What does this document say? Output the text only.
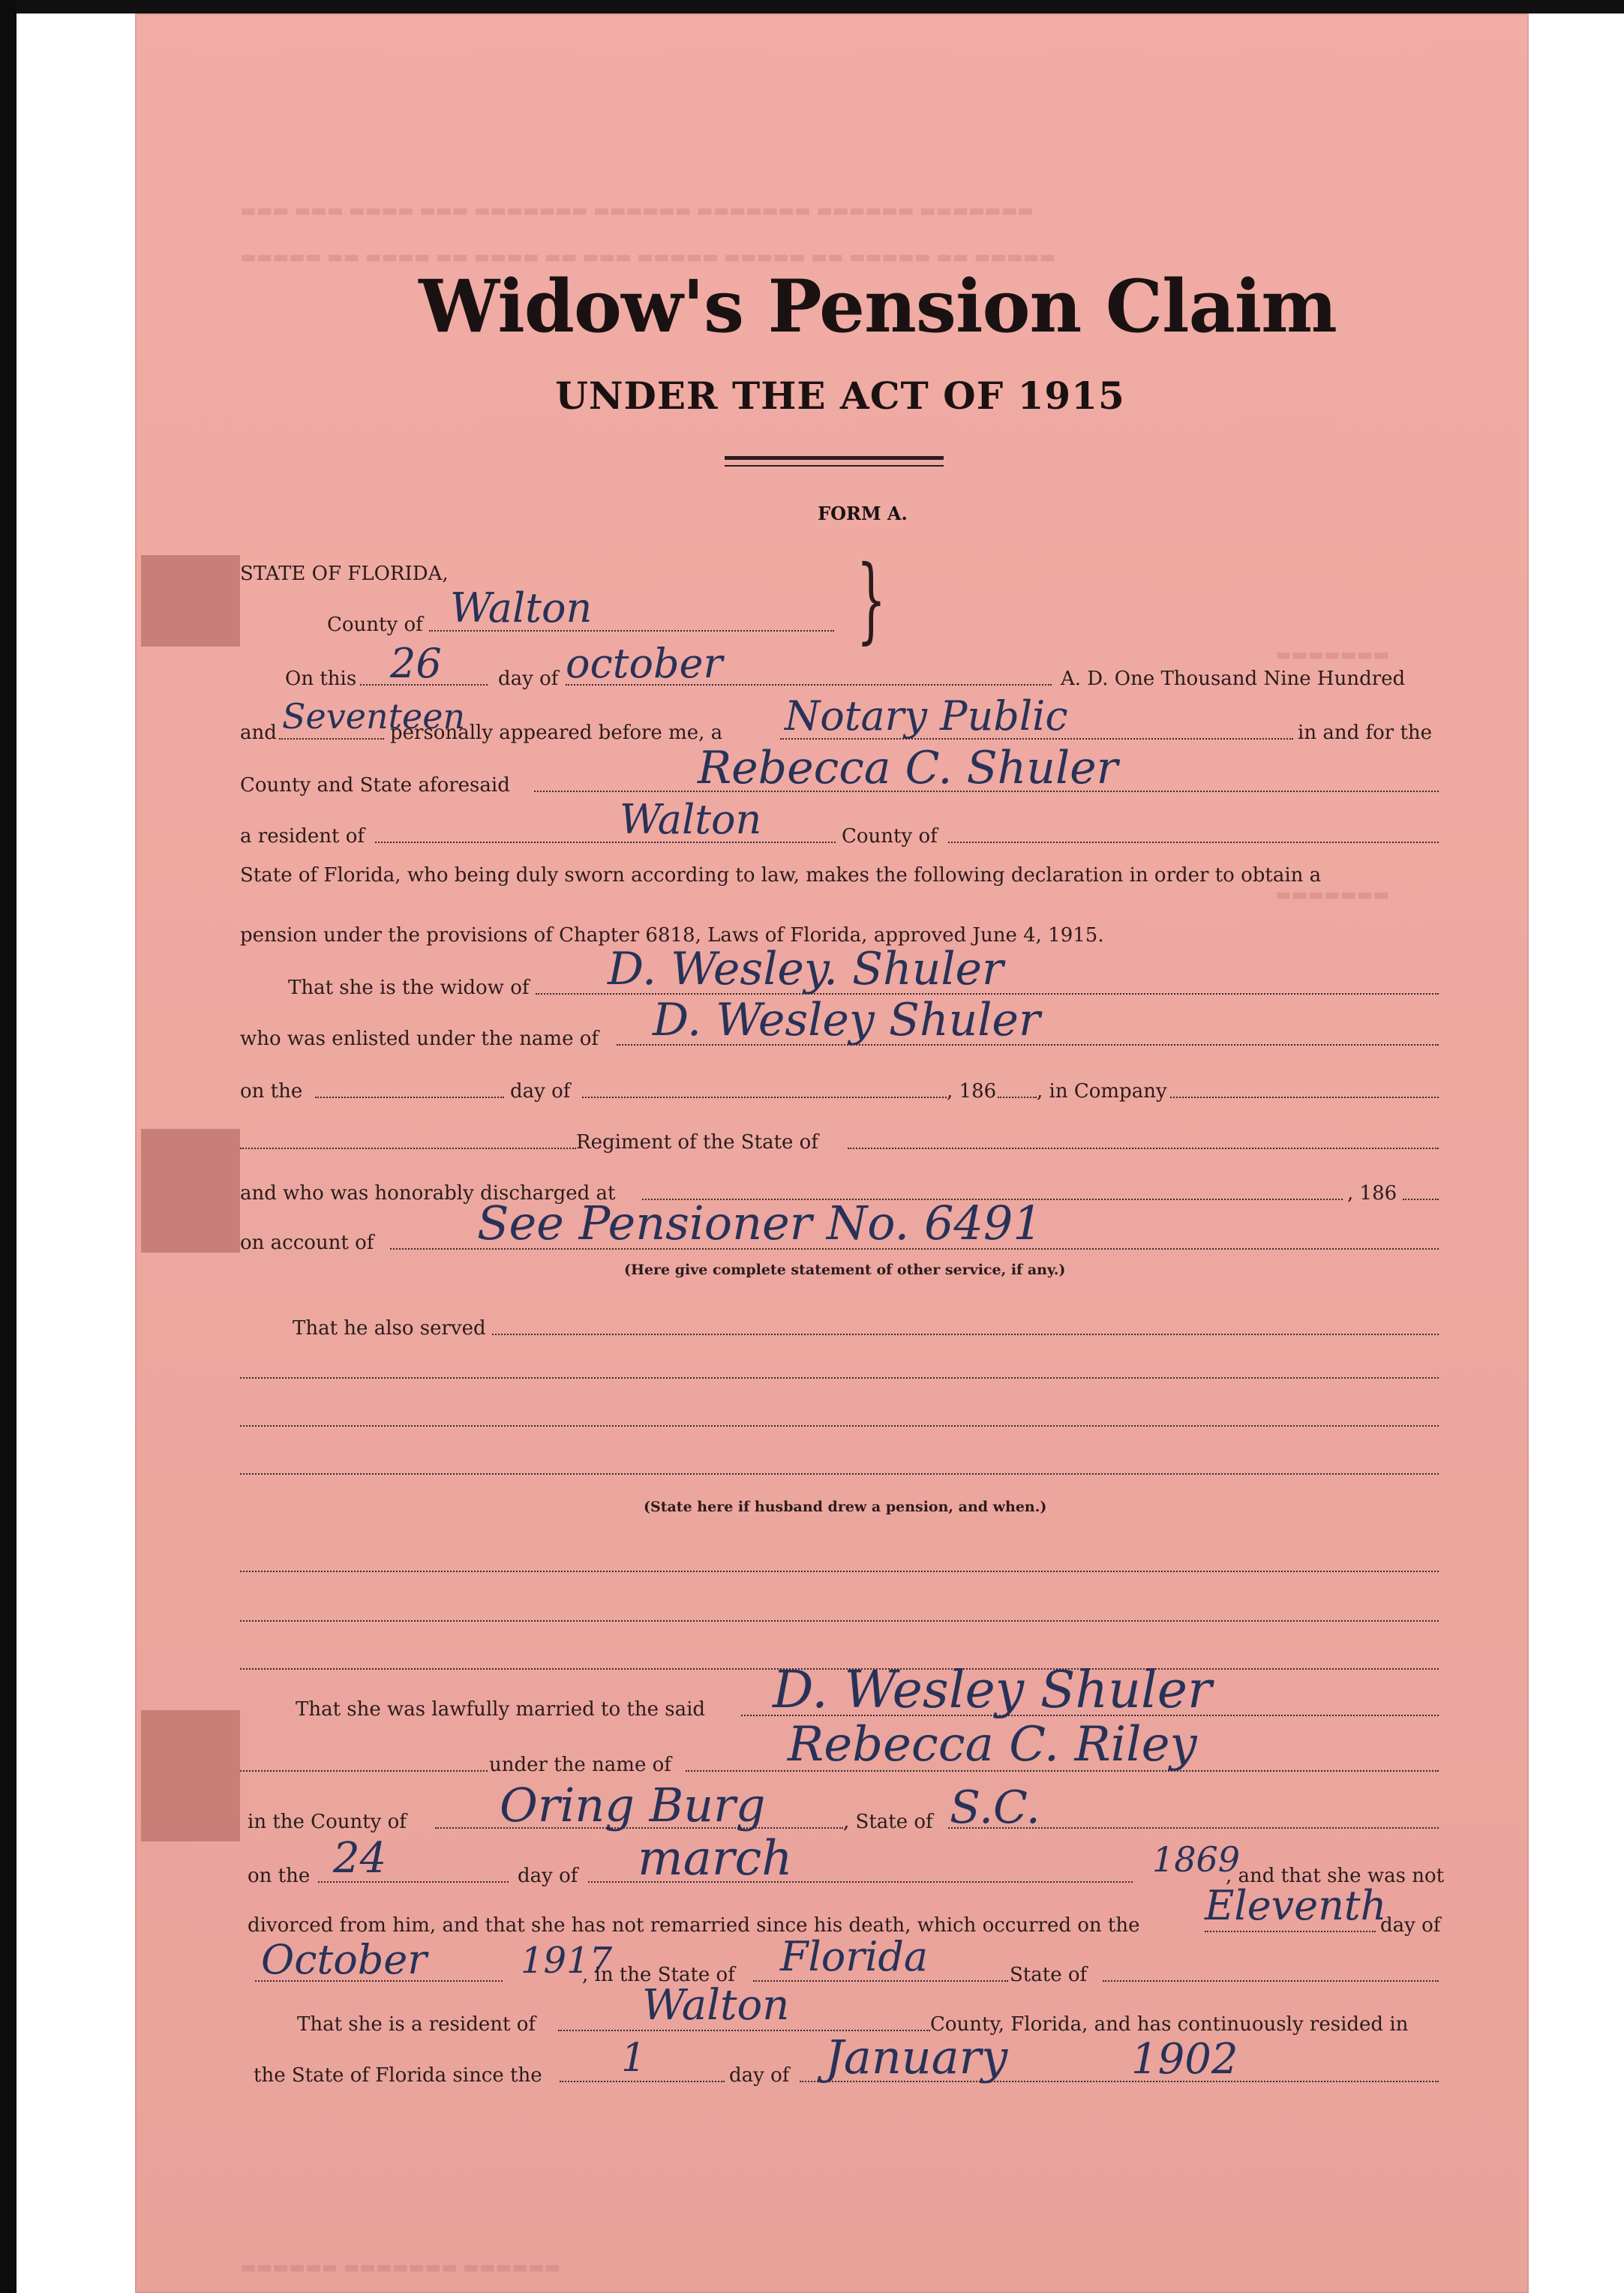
▬▬▬ ▬▬▬ ▬▬▬▬ ▬▬▬ ▬▬▬▬▬▬▬ ▬▬▬▬▬▬ ▬▬▬▬▬▬▬ ▬▬▬▬▬▬ ▬▬▬▬▬▬▬
▬▬▬▬▬ ▬▬ ▬▬▬▬ ▬▬ ▬▬▬▬ ▬▬ ▬▬▬ ▬▬▬▬▬ ▬▬▬▬▬ ▬▬ ▬▬▬▬▬ ▬▬ ▬▬▬▬▬
▬▬▬▬▬▬▬
▬▬▬▬▬▬▬
▬▬▬▬▬▬ ▬▬▬▬▬▬▬ ▬▬▬▬▬▬
Widow's Pension Claim
UNDER THE ACT OF 1915
FORM A.
STATE OF FLORIDA,
County of Walton	}
On this 26	day of october	A. D. One Thousand Nine Hundred
and Seventeen
personally appeared before me, a Notary Public	in and for the
County and State aforesaid	Rebecca C. Shuler
a resident of	Walton	County of
State of Florida, who being duly sworn according to law, makes the following declaration in order to obtain a
pension under the provisions of Chapter 6818, Laws of Florida, approved June 4, 1915.
That she is the widow of D. Wesley. Shuler
who was enlisted under the name of D. Wesley Shuler
on the	day of	, 186 , in Company
Regiment of the State of
and who was honorably discharged at	, 186
on account of See Pensioner No. 6491
(Here give complete statement of other service, if any.)
That he also served
(State here if husband drew a pension, and when.)
That she was lawfully married to the said D. Wesley Shuler
under the name of Rebecca C. Riley
in the County of Oring Burg	, State of S.C.
on the 24	day of march	1869
, and that she was not
divorced from him, and that she has not remarried since his death, which occurred on the Eleventh
day of
October	1917
, in the State of Florida	State of
That she is a resident of	Walton	County, Florida, and has continuously resided in
the State of Florida since the 1	day of January	1902
